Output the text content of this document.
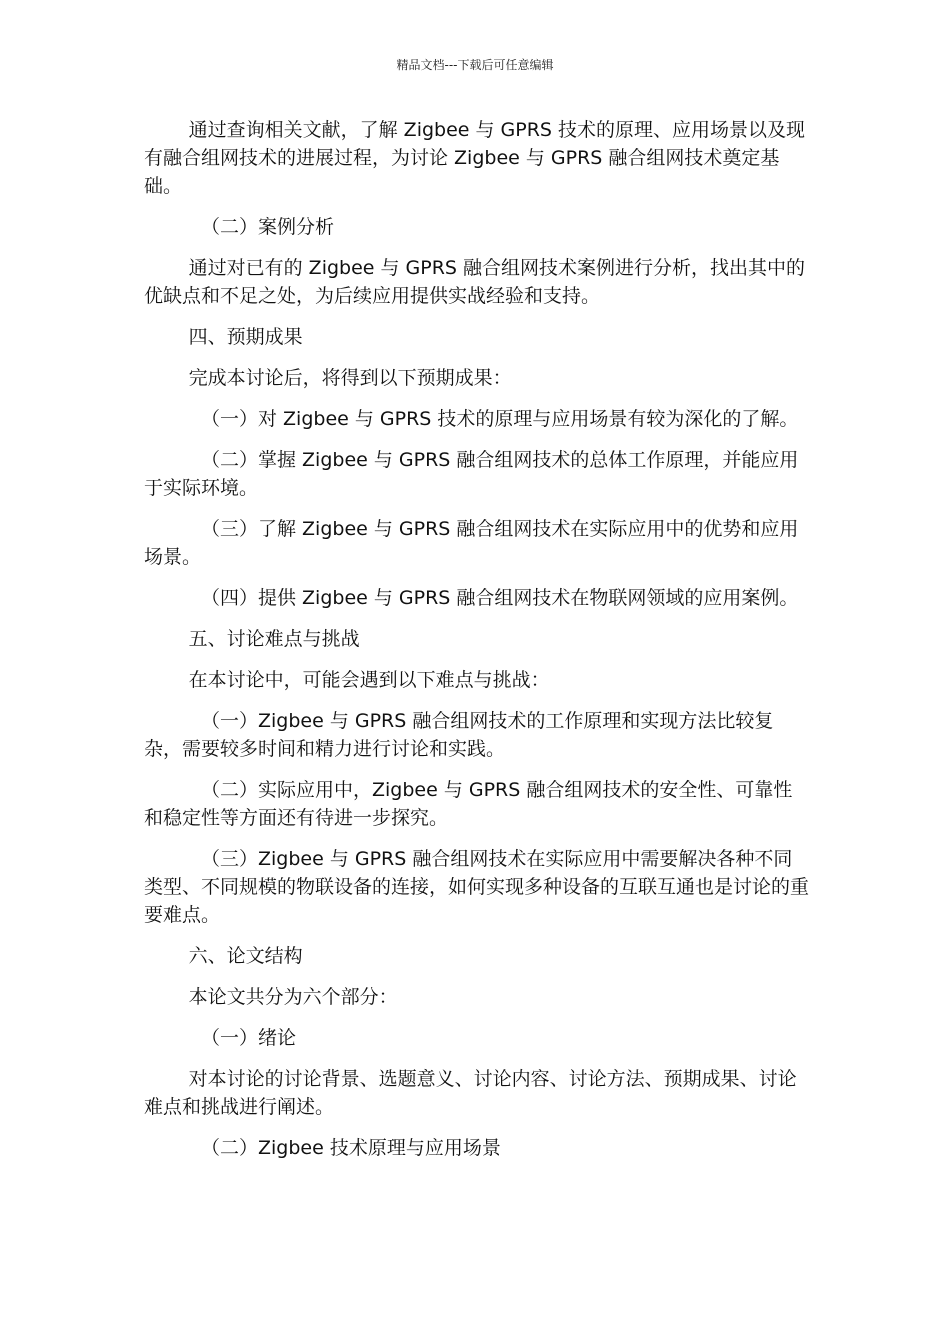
精品文档---下载后可任意编辑

通过查询相关文献，了解 Zigbee 与 GPRS 技术的原理、应用场景以及现有融合组网技术的进展过程，为讨论 Zigbee 与 GPRS 融合组网技术奠定基础。

（二）案例分析

通过对已有的 Zigbee 与 GPRS 融合组网技术案例进行分析，找出其中的优缺点和不足之处，为后续应用提供实战经验和支持。

四、预期成果

完成本讨论后，将得到以下预期成果：

（一）对 Zigbee 与 GPRS 技术的原理与应用场景有较为深化的了解。

（二）掌握 Zigbee 与 GPRS 融合组网技术的总体工作原理，并能应用于实际环境。

（三）了解 Zigbee 与 GPRS 融合组网技术在实际应用中的优势和应用场景。

（四）提供 Zigbee 与 GPRS 融合组网技术在物联网领域的应用案例。

五、讨论难点与挑战

在本讨论中，可能会遇到以下难点与挑战：

（一）Zigbee 与 GPRS 融合组网技术的工作原理和实现方法比较复杂，需要较多时间和精力进行讨论和实践。

（二）实际应用中，Zigbee 与 GPRS 融合组网技术的安全性、可靠性和稳定性等方面还有待进一步探究。

（三）Zigbee 与 GPRS 融合组网技术在实际应用中需要解决各种不同类型、不同规模的物联设备的连接，如何实现多种设备的互联互通也是讨论的重要难点。

六、论文结构

本论文共分为六个部分：

（一）绪论

对本讨论的讨论背景、选题意义、讨论内容、讨论方法、预期成果、讨论难点和挑战进行阐述。

（二）Zigbee 技术原理与应用场景
